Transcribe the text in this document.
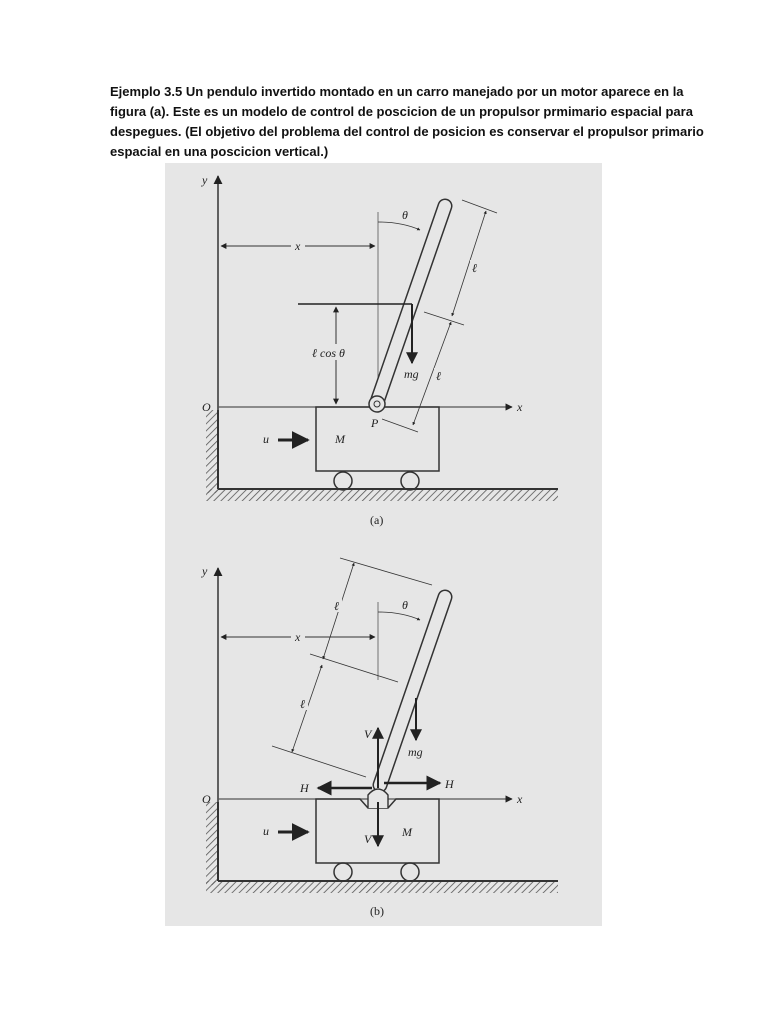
Ejemplo 3.5 Un pendulo invertido montado en un carro manejado por un motor aparece en la
figura (a). Este es un modelo de control de poscicion de un propulsor prmimario espacial para
despegues. (El objetivo del problema del control de posicion es conservar el propulsor primario
espacial en una poscicion vertical.)
y
x
O
x
θ
M
u
P
ℓ cos θ
mg
ℓ
ℓ
(a)
y
x
O
x
θ
M
u
V
V
H	H
mg
ℓ
ℓ
(b)
